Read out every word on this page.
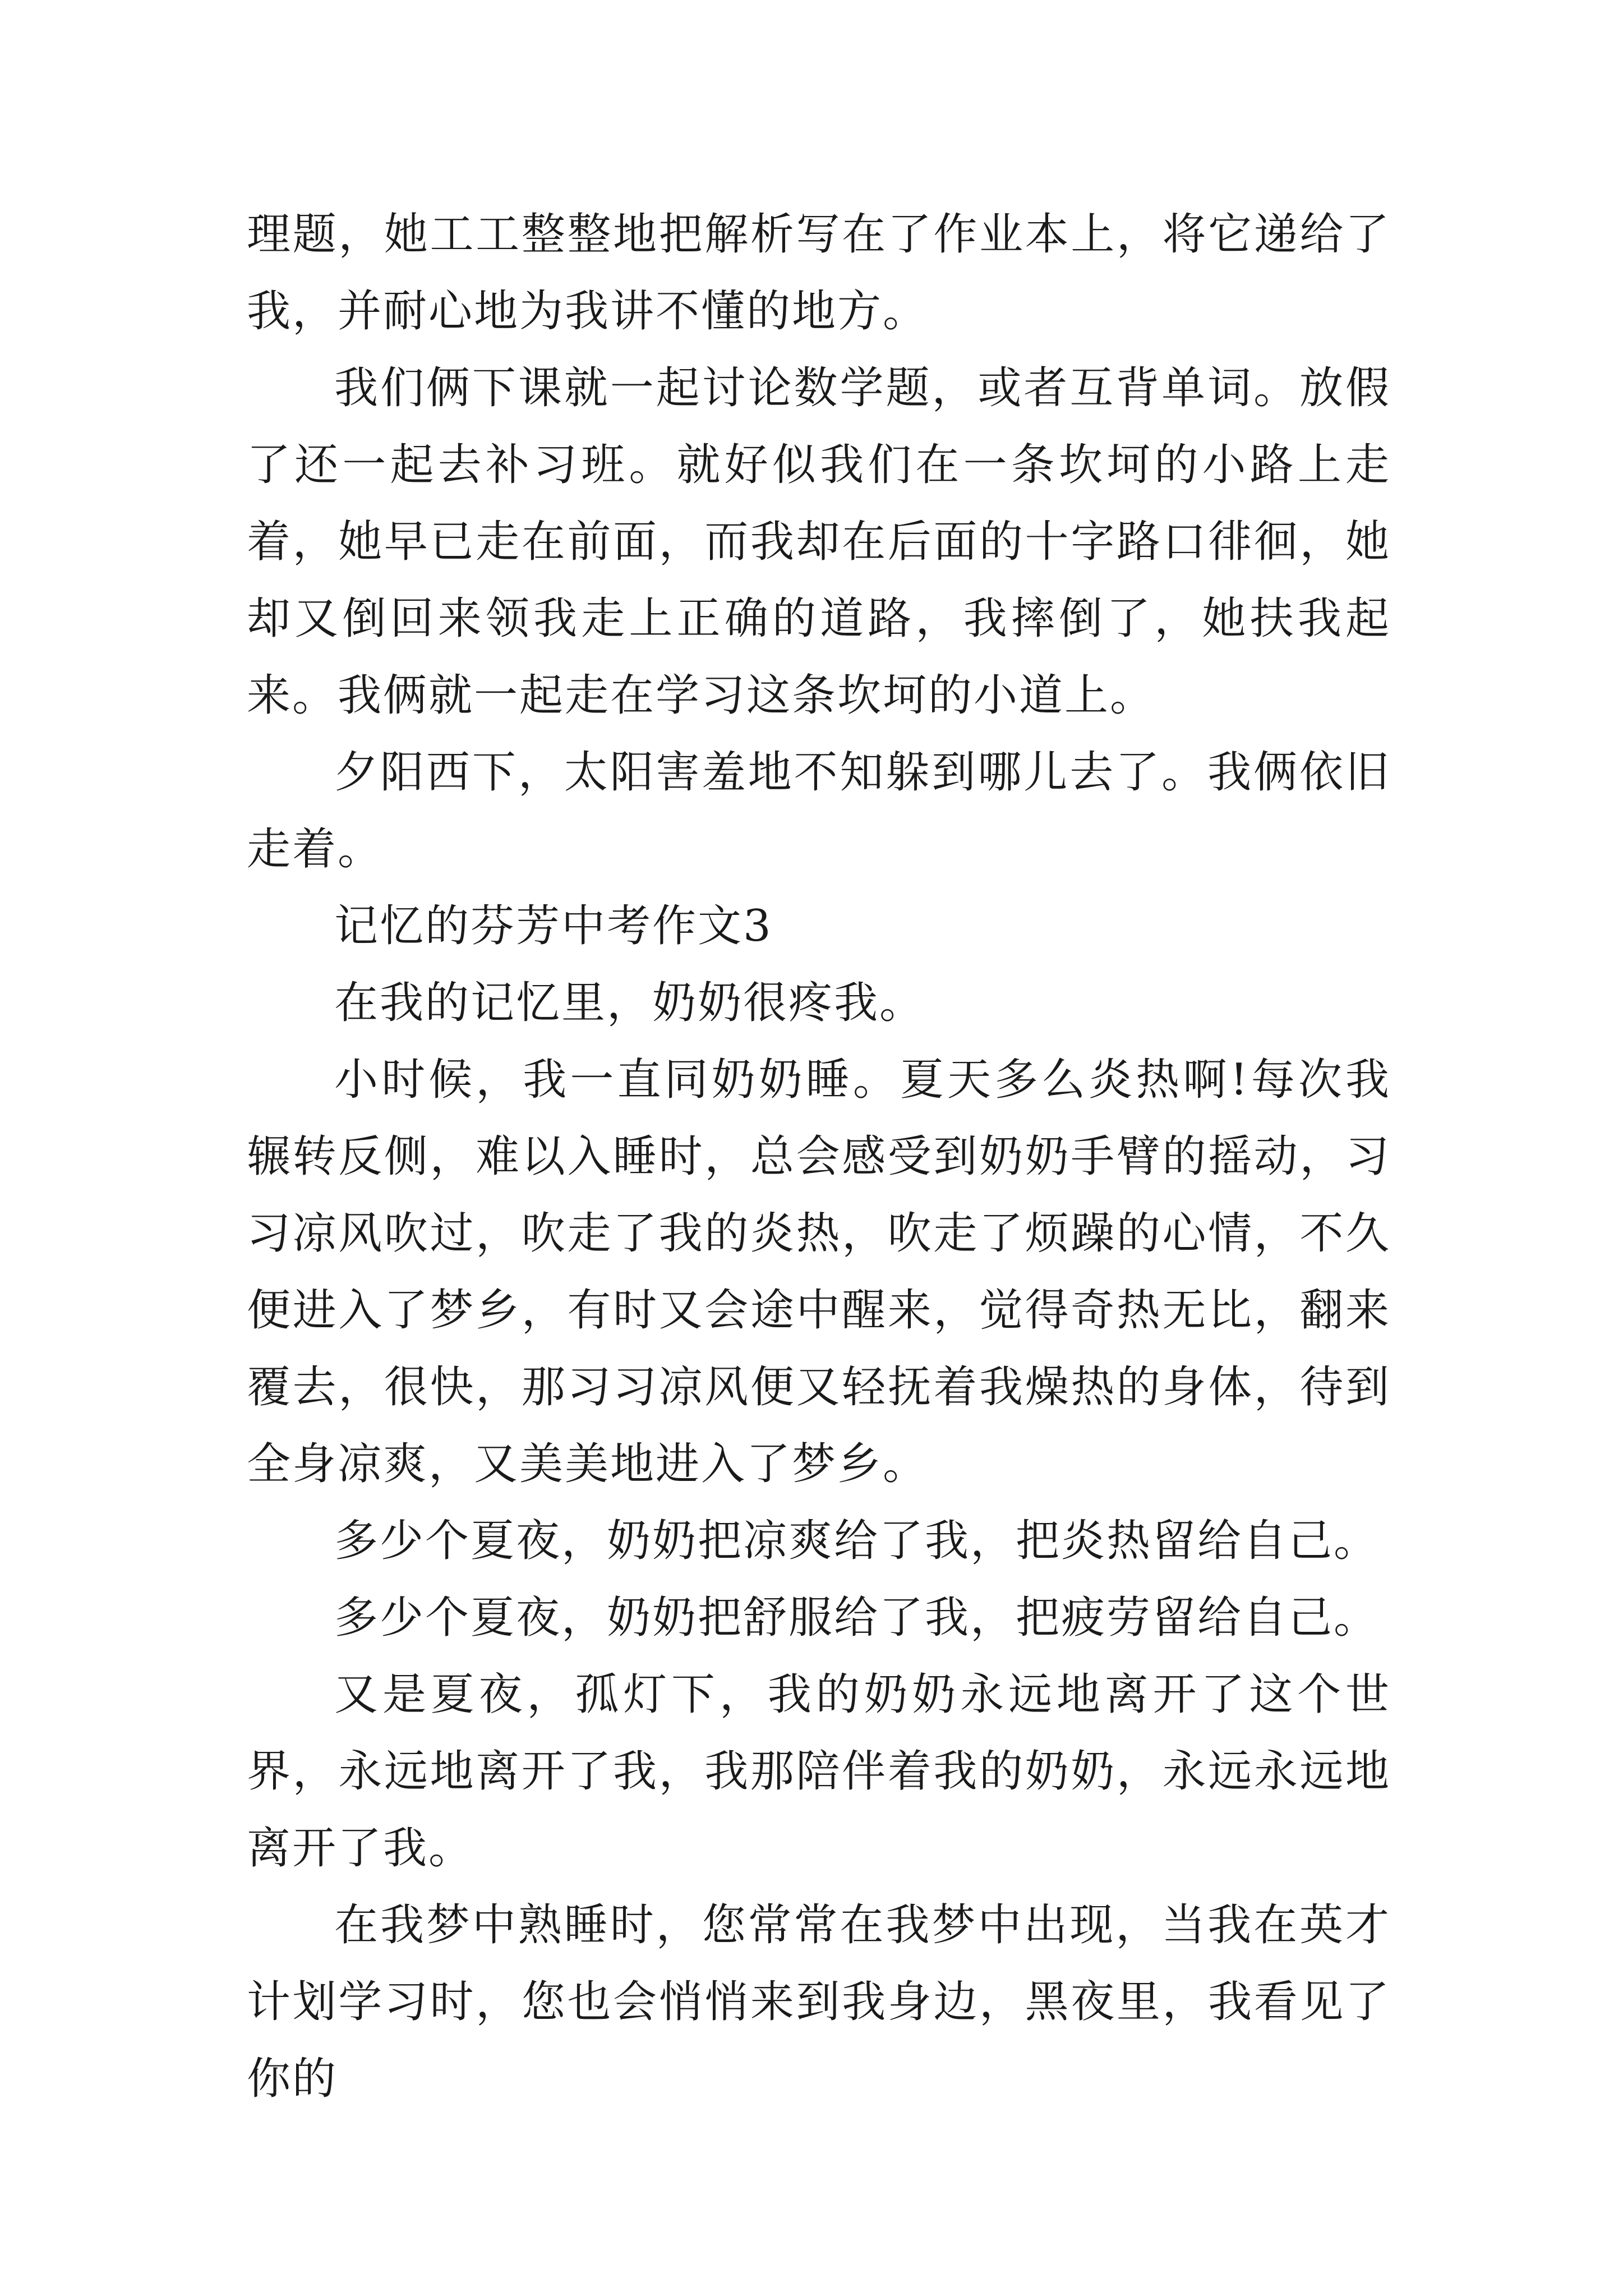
理题，她工工整整地把解析写在了作业本上，将它递给了我，并耐心地为我讲不懂的地方。

我们俩下课就一起讨论数学题，或者互背单词。放假了还一起去补习班。就好似我们在一条坎坷的小路上走着，她早已走在前面，而我却在后面的十字路口徘徊，她却又倒回来领我走上正确的道路，我摔倒了，她扶我起来。我俩就一起走在学习这条坎坷的小道上。

夕阳西下，太阳害羞地不知躲到哪儿去了。我俩依旧走着。

记忆的芬芳中考作文3

在我的记忆里，奶奶很疼我。

小时候，我一直同奶奶睡。夏天多么炎热啊!每次我辗转反侧，难以入睡时，总会感受到奶奶手臂的摇动，习习凉风吹过，吹走了我的炎热，吹走了烦躁的心情，不久便进入了梦乡，有时又会途中醒来，觉得奇热无比，翻来覆去，很快，那习习凉风便又轻抚着我燥热的身体，待到全身凉爽，又美美地进入了梦乡。

多少个夏夜，奶奶把凉爽给了我，把炎热留给自己。

多少个夏夜，奶奶把舒服给了我，把疲劳留给自己。

又是夏夜，孤灯下，我的奶奶永远地离开了这个世界，永远地离开了我，我那陪伴着我的奶奶，永远永远地离开了我。

在我梦中熟睡时，您常常在我梦中出现，当我在英才计划学习时，您也会悄悄来到我身边，黑夜里，我看见了你的
